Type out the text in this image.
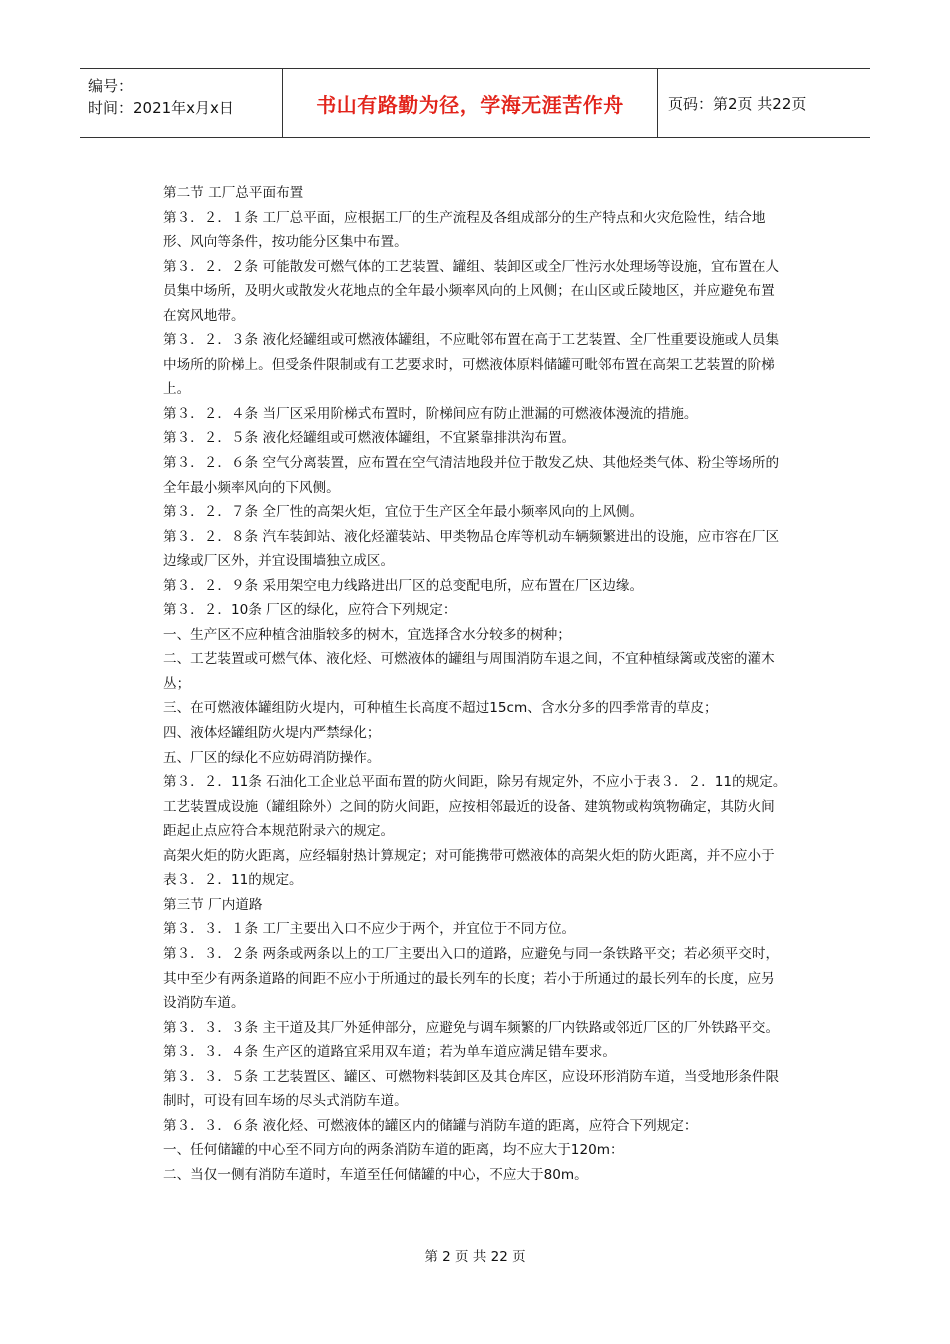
编号：
时间：2021年x月x日	书山有路勤为径，学海无涯苦作舟	页码：第2页 共22页

第二节 工厂总平面布置

第３．２．１条 工厂总平面，应根据工厂的生产流程及各组成部分的生产特点和火灾危险性，结合地形、风向等条件，按功能分区集中布置。

第３．２．２条 可能散发可燃气体的工艺装置、罐组、装卸区或全厂性污水处理场等设施，宜布置在人员集中场所，及明火或散发火花地点的全年最小频率风向的上风侧；在山区或丘陵地区，并应避免布置在窝风地带。

第３．２．３条 液化烃罐组或可燃液体罐组，不应毗邻布置在高于工艺装置、全厂性重要设施或人员集中场所的阶梯上。但受条件限制或有工艺要求时，可燃液体原料储罐可毗邻布置在高架工艺装置的阶梯上。

第３．２．４条 当厂区采用阶梯式布置时，阶梯间应有防止泄漏的可燃液体漫流的措施。

第３．２．５条 液化烃罐组或可燃液体罐组，不宜紧靠排洪沟布置。

第３．２．６条 空气分离装置，应布置在空气清洁地段并位于散发乙炔、其他烃类气体、粉尘等场所的全年最小频率风向的下风侧。

第３．２．７条 全厂性的高架火炬，宜位于生产区全年最小频率风向的上风侧。

第３．２．８条 汽车装卸站、液化烃灌装站、甲类物品仓库等机动车辆频繁进出的设施，应市容在厂区边缘或厂区外，并宜设围墙独立成区。

第３．２．９条 采用架空电力线路进出厂区的总变配电所，应布置在厂区边缘。

第３．２．10条 厂区的绿化，应符合下列规定：

一、生产区不应种植含油脂较多的树木，宜选择含水分较多的树种；

二、工艺装置或可燃气体、液化烃、可燃液体的罐组与周围消防车退之间，不宜种植绿篱或茂密的灌木丛；

三、在可燃液体罐组防火堤内，可种植生长高度不超过15cm、含水分多的四季常青的草皮；

四、液体烃罐组防火堤内严禁绿化；

五、厂区的绿化不应妨碍消防操作。

第３．２．11条 石油化工企业总平面布置的防火间距，除另有规定外，不应小于表３．２．11的规定。工艺装置成设施（罐组除外）之间的防火间距，应按相邻最近的设备、建筑物或构筑物确定，其防火间距起止点应符合本规范附录六的规定。

高架火炬的防火距离，应经辐射热计算规定；对可能携带可燃液体的高架火炬的防火距离，并不应小于表３．２．11的规定。

第三节 厂内道路

第３．３．１条 工厂主要出入口不应少于两个，并宜位于不同方位。

第３．３．２条 两条或两条以上的工厂主要出入口的道路，应避免与同一条铁路平交；若必须平交时，其中至少有两条道路的间距不应小于所通过的最长列车的长度；若小于所通过的最长列车的长度，应另设消防车道。

第３．３．３条 主干道及其厂外延伸部分，应避免与调车频繁的厂内铁路或邻近厂区的厂外铁路平交。

第３．３．４条 生产区的道路宜采用双车道；若为单车道应满足错车要求。

第３．３．５条 工艺装置区、罐区、可燃物料装卸区及其仓库区，应设环形消防车道，当受地形条件限制时，可设有回车场的尽头式消防车道。

第３．３．６条 液化烃、可燃液体的罐区内的储罐与消防车道的距离，应符合下列规定：

一、任何储罐的中心至不同方向的两条消防车道的距离，均不应大于120m：

二、当仅一侧有消防车道时，车道至任何储罐的中心，不应大于80m。

第 2 页 共 22 页
